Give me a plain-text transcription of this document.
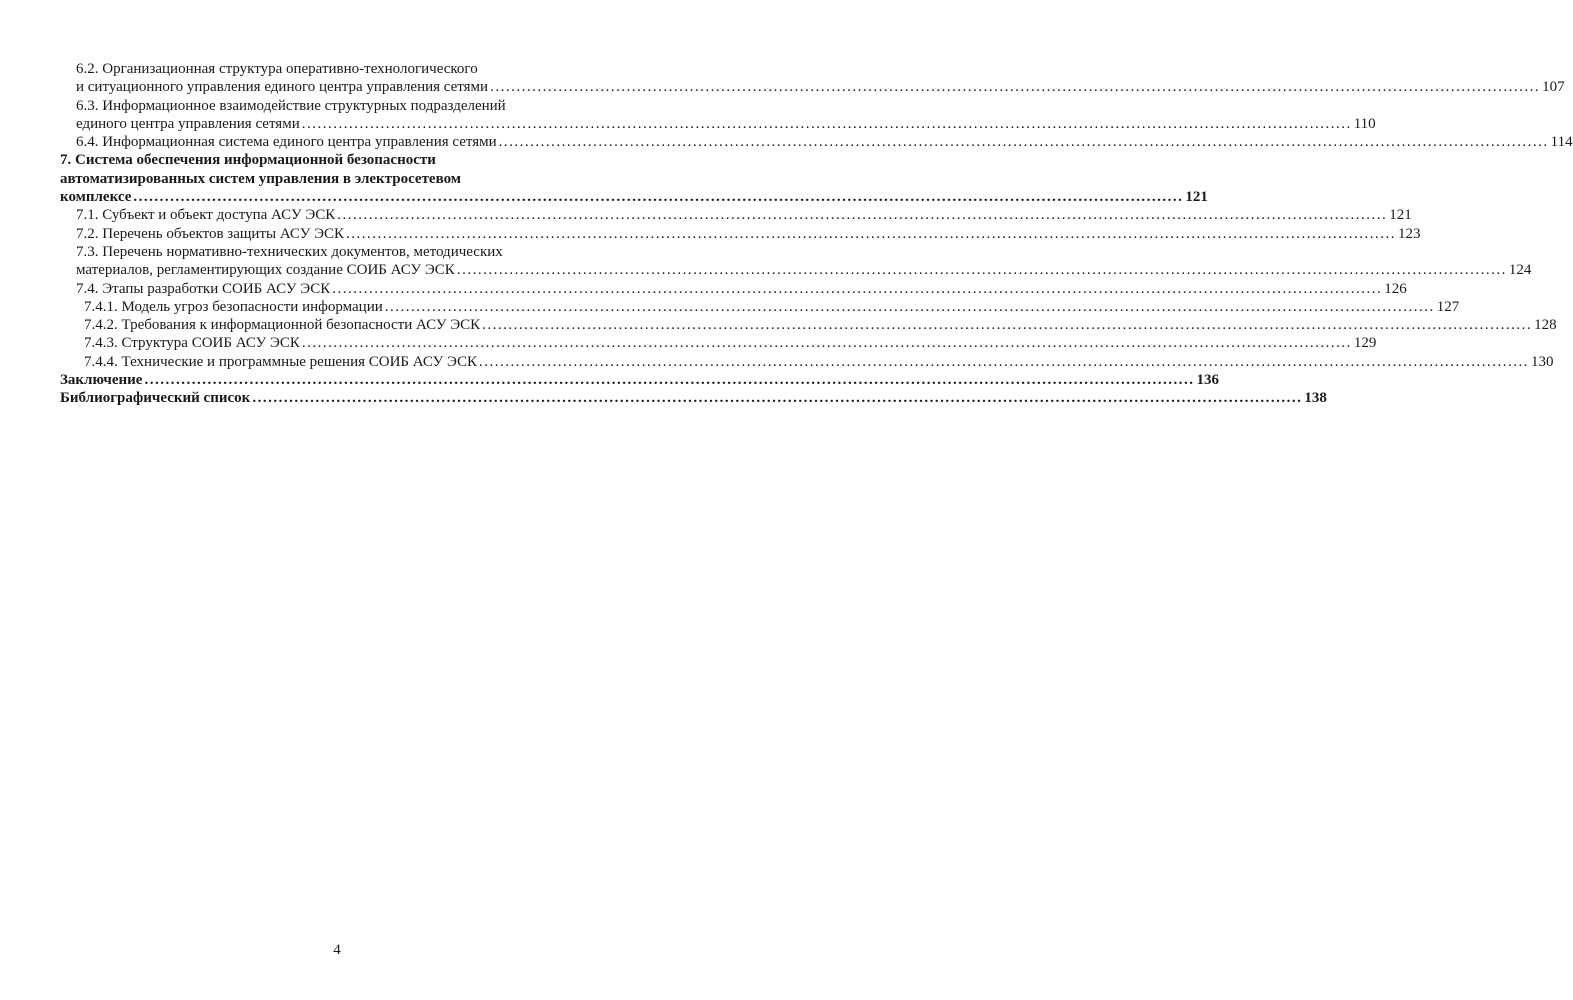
6.2. Организационная структура оперативно-технологического
и ситуационного управления единого центра управления сетями ........................................................................................................................................................................................................ 107
6.3. Информационное взаимодействие структурных подразделений
единого центра управления сетями ........................................................................................................................................................................................................ 110
6.4. Информационная система единого центра управления сетями ........................................................................................................................................................................................................ 114
7. Система обеспечения информационной безопасности
автоматизированных систем управления в электросетевом
комплексе ........................................................................................................................................................................................................ 121
7.1. Субъект и объект доступа АСУ ЭСК ........................................................................................................................................................................................................ 121
7.2. Перечень объектов защиты АСУ ЭСК ........................................................................................................................................................................................................ 123
7.3. Перечень нормативно-технических документов, методических
материалов, регламентирующих создание СОИБ АСУ ЭСК ........................................................................................................................................................................................................ 124
7.4. Этапы разработки СОИБ АСУ ЭСК ........................................................................................................................................................................................................ 126
7.4.1. Модель угроз безопасности информации ........................................................................................................................................................................................................ 127
7.4.2. Требования к информационной безопасности АСУ ЭСК ........................................................................................................................................................................................................ 128
7.4.3. Структура СОИБ АСУ ЭСК ........................................................................................................................................................................................................ 129
7.4.4. Технические и программные решения СОИБ АСУ ЭСК ........................................................................................................................................................................................................ 130
Заключение ........................................................................................................................................................................................................ 136
Библиографический список ........................................................................................................................................................................................................ 138
4
